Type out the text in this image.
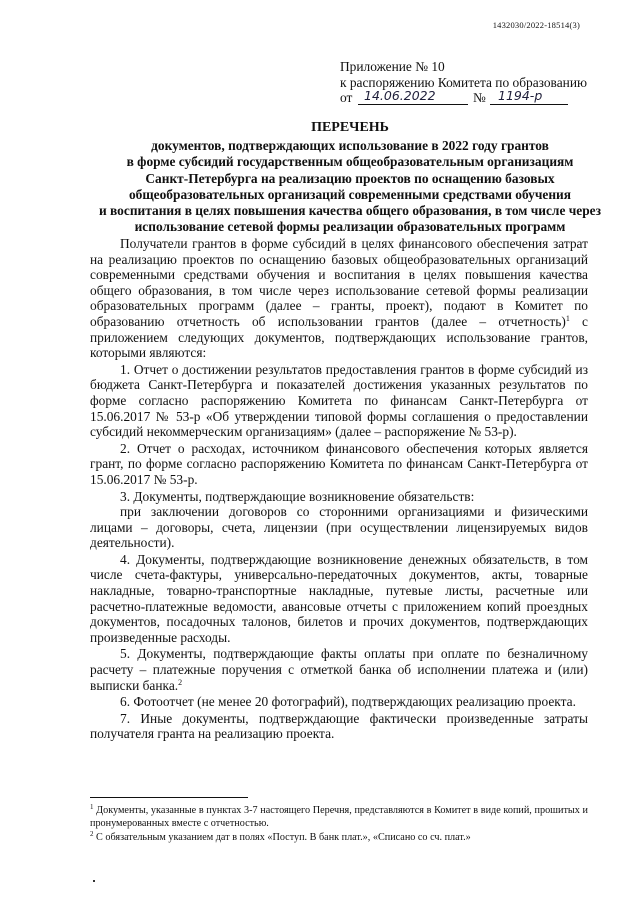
1432030/2022-18514(3)
Приложение № 10
к распоряжению Комитета по образованию
от 14.06.2022	№ 1194-р
ПЕРЕЧЕНЬ
документов, подтверждающих использование в 2022 году грантов
в форме субсидий государственным общеобразовательным организациям
Санкт-Петербурга на реализацию проектов по оснащению базовых
общеобразовательных организаций современными средствами обучения
и воспитания в целях повышения качества общего образования, в том числе через
использование сетевой формы реализации образовательных программ

Получатели грантов в форме субсидий в целях финансового обеспечения затрат на реализацию проектов по оснащению базовых общеобразовательных организаций современными средствами обучения и воспитания в целях повышения качества общего образования, в том числе через использование сетевой формы реализации образовательных программ (далее – гранты, проект), подают в Комитет по образованию отчетность об использовании грантов (далее – отчетность)$^1$ с приложением следующих документов, подтверждающих использование грантов, которыми являются:

1. Отчет о достижении результатов предоставления грантов в форме субсидий из бюджета Санкт-Петербурга и показателей достижения указанных результатов по форме согласно распоряжению Комитета по финансам Санкт-Петербурга от 15.06.2017 № 53-р «Об утверждении типовой формы соглашения о предоставлении субсидий некоммерческим организациям» (далее – распоряжение № 53-р).

2. Отчет о расходах, источником финансового обеспечения которых является грант, по форме согласно распоряжению Комитета по финансам Санкт-Петербурга от 15.06.2017 № 53-р.

3. Документы, подтверждающие возникновение обязательств:

при заключении договоров со сторонними организациями и физическими лицами – договоры, счета, лицензии (при осуществлении лицензируемых видов деятельности).

4. Документы, подтверждающие возникновение денежных обязательств, в том числе счета-фактуры, универсально-передаточных документов, акты, товарные накладные, товарно-транспортные накладные, путевые листы, расчетные или расчетно-платежные ведомости, авансовые отчеты с приложением копий проездных документов, посадочных талонов, билетов и прочих документов, подтверждающих произведенные расходы.

5. Документы, подтверждающие факты оплаты при оплате по безналичному расчету – платежные поручения с отметкой банка об исполнении платежа и (или) выписки банка.$^2$

6. Фотоотчет (не менее 20 фотографий), подтверждающих реализацию проекта.

7. Иные документы, подтверждающие фактически произведенные затраты получателя гранта на реализацию проекта.

$^1$ Документы, указанные в пунктах 3-7 настоящего Перечня, представляются в Комитет в виде копий, прошитых и пронумерованных вместе с отчетностью.

$^2$ С обязательным указанием дат в полях «Поступ. В банк плат.», «Списано со сч. плат.»
